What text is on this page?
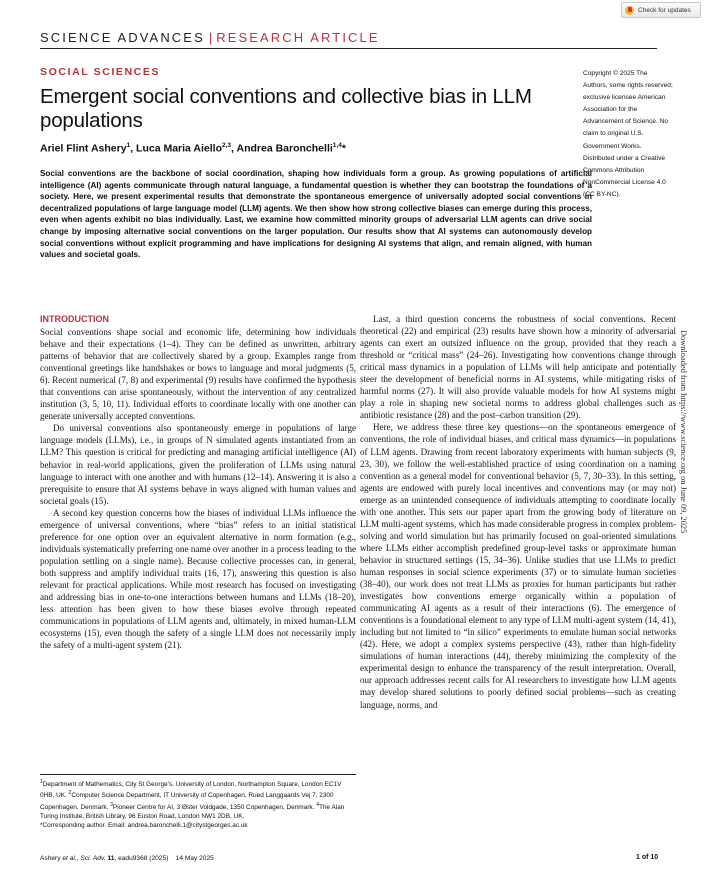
Check for updates
SCIENCE ADVANCES | RESEARCH ARTICLE
SOCIAL SCIENCES
Emergent social conventions and collective bias in LLM populations
Ariel Flint Ashery$^1$, Luca Maria Aiello$^{2,3}$, Andrea Baronchelli$^{1,4}$*
Copyright © 2025 The Authors, some rights reserved; exclusive licensee American Association for the Advancement of Science. No claim to original U.S. Government Works. Distributed under a Creative Commons Attribution NonCommercial License 4.0 (CC BY-NC).

Social conventions are the backbone of social coordination, shaping how individuals form a group. As growing populations of artificial intelligence (AI) agents communicate through natural language, a fundamental question is whether they can bootstrap the foundations of a society. Here, we present experimental results that demonstrate the spontaneous emergence of universally adopted social conventions in decentralized populations of large language model (LLM) agents. We then show how strong collective biases can emerge during this process, even when agents exhibit no bias individually. Last, we examine how committed minority groups of adversarial LLM agents can drive social change by imposing alternative social conventions on the larger population. Our results show that AI systems can autonomously develop social conventions without explicit programming and have implications for designing AI systems that align, and remain aligned, with human values and societal goals.

INTRODUCTION

Social conventions shape social and economic life, determining how individuals behave and their expectations (1–4). They can be defined as unwritten, arbitrary patterns of behavior that are collectively shared by a group. Examples range from conventional greetings like handshakes or bows to language and moral judgments (5, 6). Recent numerical (7, 8) and experimental (9) results have confirmed the hypothesis that conventions can arise spontaneously, without the intervention of any centralized institution (3, 5, 10, 11). Individual efforts to coordinate locally with one another can generate universally accepted conventions.

Do universal conventions also spontaneously emerge in populations of large language models (LLMs), i.e., in groups of N simulated agents instantiated from an LLM? This question is critical for predicting and managing artificial intelligence (AI) behavior in real-world applications, given the proliferation of LLMs using natural language to interact with one another and with humans (12–14). Answering it is also a prerequisite to ensure that AI systems behave in ways aligned with human values and societal goals (15).

A second key question concerns how the biases of individual LLMs influence the emergence of universal conventions, where “bias” refers to an initial statistical preference for one option over an equivalent alternative in norm formation (e.g., individuals systematically preferring one name over another in a process leading to the population settling on a single name). Because collective processes can, in general, both suppress and amplify individual traits (16, 17), answering this question is also relevant for practical applications. While most research has focused on investigating and addressing bias in one-to-one interactions between humans and LLMs (18–20), less attention has been given to how these biases evolve through repeated communications in populations of LLM agents and, ultimately, in mixed human-LLM ecosystems (15), even though the safety of a single LLM does not necessarily imply the safety of a multi-agent system (21).

Last, a third question concerns the robustness of social conventions. Recent theoretical (22) and empirical (23) results have shown how a minority of adversarial agents can exert an outsized influence on the group, provided that they reach a threshold or “critical mass” (24–26). Investigating how conventions change through critical mass dynamics in a population of LLMs will help anticipate and potentially steer the development of beneficial norms in AI systems, while mitigating risks of harmful norms (27). It will also provide valuable models for how AI systems might play a role in shaping new societal norms to address global challenges such as antibiotic resistance (28) and the post–carbon transition (29).

Here, we address these three key questions—on the spontaneous emergence of conventions, the role of individual biases, and critical mass dynamics—in populations of LLM agents. Drawing from recent laboratory experiments with human subjects (9, 23, 30), we follow the well-established practice of using coordination on a naming convention as a general model for conventional behavior (5, 7, 30–33). In this setting, agents are endowed with purely local incentives and conventions may (or may not) emerge as an unintended consequence of individuals attempting to coordinate locally with one another. This sets our paper apart from the growing body of literature on LLM multi-agent systems, which has made considerable progress in complex problem-solving and world simulation but has primarily focused on goal-oriented simulations where LLMs either accomplish predefined group-level tasks or approximate human behavior in structured settings (15, 34–36). Unlike studies that use LLMs to predict human responses in social science experiments (37) or to simulate human societies (38–40), our work does not treat LLMs as proxies for human participants but rather investigates how conventions emerge organically within a population of communicating AI agents as a result of their interactions (6). The emergence of conventions is a foundational element to any type of LLM multi-agent system (14, 41), including but not limited to “in silico” experiments to emulate human social networks (42). Here, we adopt a complex systems perspective (43), rather than high-fidelity simulations of human interactions (44), thereby minimizing the complexity of the experimental design to enhance the transparency of the result interpretation. Overall, our approach addresses recent calls for AI researchers to investigate how LLM agents may develop shared solutions to poorly defined social problems—such as creating language, norms, and

$^1$Department of Mathematics, City St George’s, University of London, Northampton Square, London EC1V 0HB, UK. $^2$Computer Science Department, IT University of Copenhagen, Rued Langgaards Vej 7, 2300 Copenhagen, Denmark. $^3$Pioneer Centre for AI, 3 Øster Voldgade, 1350 Copenhagen, Denmark. $^4$The Alan Turing Institute, British Library, 96 Euston Road, London NW1 2DB, UK.
*Corresponding author. Email: andrea.baronchelli.1@citystgeorges.ac.uk

Ashery et al., Sci. Adv. 11, eadu9368 (2025) 14 May 2025	1 of 10
Downloaded from https://www.science.org on June 09, 2025
